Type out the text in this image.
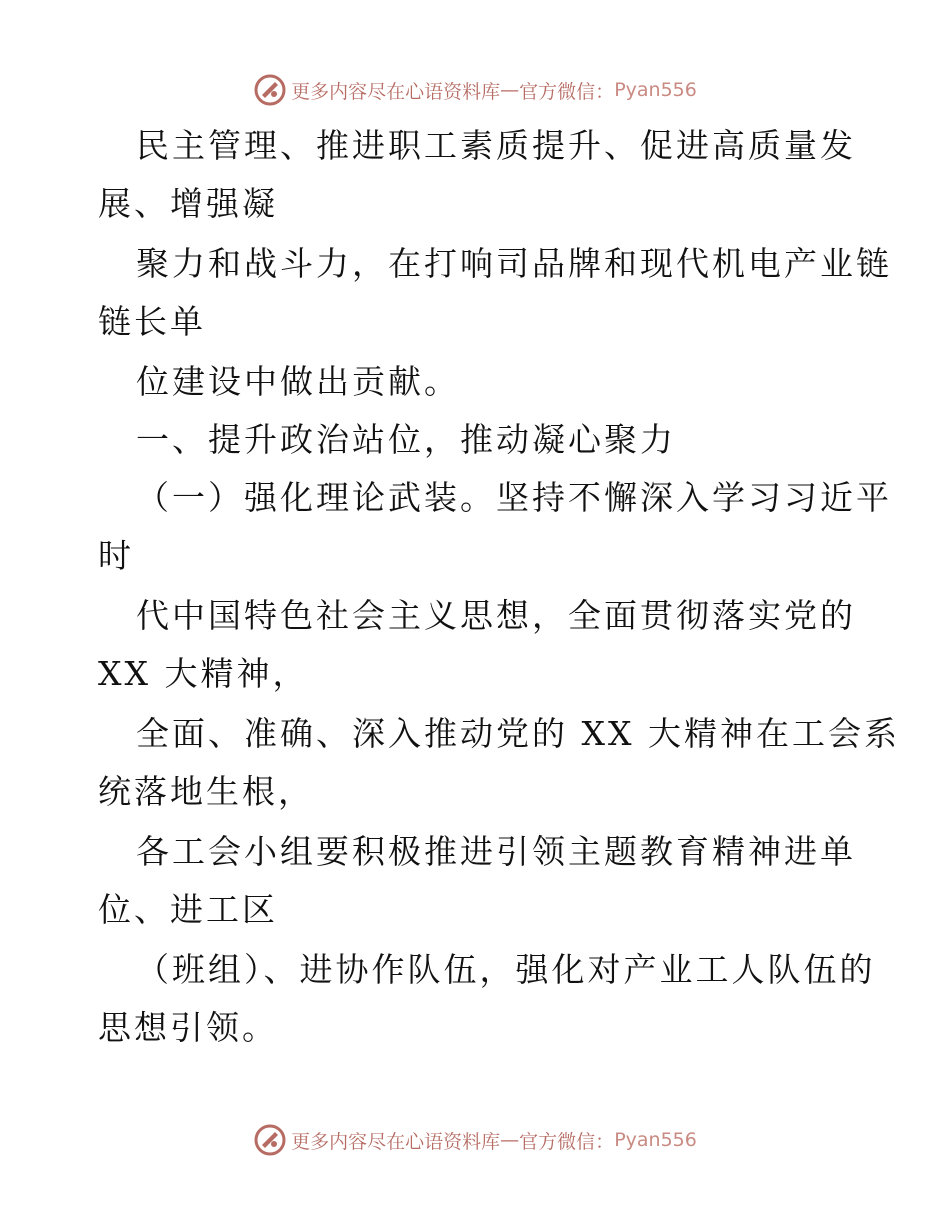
更多内容尽在心语资料库 — 官方微信： Pyan556
民主管理、推进职工素质提升、促进高质量发
展、增强凝
聚力和战斗力，在打响司品牌和现代机电产业链
链长单
位建设中做出贡献。
一、提升政治站位，推动凝心聚力
（一）强化理论武装。坚持不懈深入学习习近平
时
代中国特色社会主义思想，全面贯彻落实党的
XX 大精神，
全面、准确、深入推动党的 XX 大精神在工会系
统落地生根，
各工会小组要积极推进引领主题教育精神进单
位、进工区
（班组）、进协作队伍，强化对产业工人队伍的
思想引领。
更多内容尽在心语资料库 — 官方微信： Pyan556
